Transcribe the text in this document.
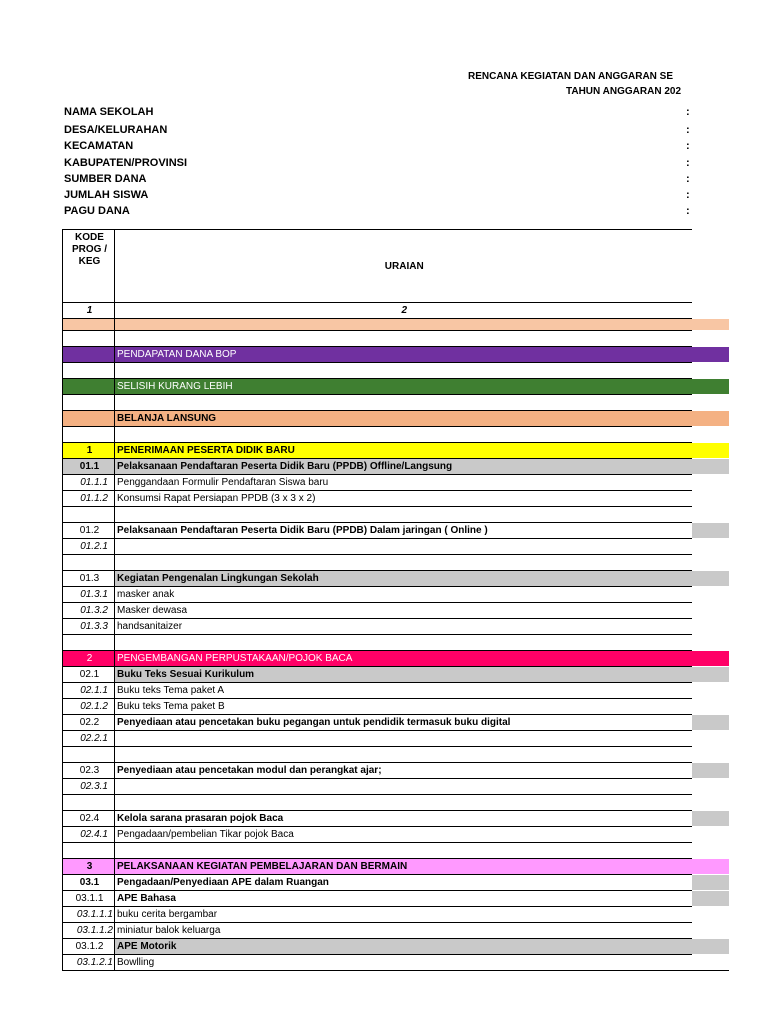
RENCANA KEGIATAN DAN ANGGARAN SE
TAHUN ANGGARAN 202
NAMA SEKOLAH	:
DESA/KELURAHAN	:
KECAMATAN	:
KABUPATEN/PROVINSI	:
SUMBER DANA	:
JUMLAH SISWA	:
PAGU DANA	:
KODE PROG / KEG	URAIAN	
1	2	

	PENDAPATAN DANA BOP	

	SELISIH KURANG LEBIH	

	BELANJA LANSUNG	

1	PENERIMAAN PESERTA DIDIK BARU	
01.1	Pelaksanaan Pendaftaran Peserta Didik Baru (PPDB) Offline/Langsung	
01.1.1	Penggandaan Formulir Pendaftaran Siswa baru	
01.1.2	Konsumsi Rapat Persiapan PPDB (3 x 3 x 2)	

01.2	Pelaksanaan Pendaftaran Peserta Didik Baru (PPDB) Dalam jaringan ( Online )	
01.2.1		

01.3	Kegiatan Pengenalan Lingkungan Sekolah	
01.3.1	masker anak	
01.3.2	Masker dewasa	
01.3.3	handsanitaizer	

2	PENGEMBANGAN PERPUSTAKAAN/POJOK BACA	
02.1	Buku Teks Sesuai Kurikulum	
02.1.1	Buku teks Tema paket A	
02.1.2	Buku teks Tema paket B	
02.2	Penyediaan atau pencetakan buku pegangan untuk pendidik termasuk buku digital	
02.2.1		

02.3	Penyediaan atau pencetakan modul dan perangkat ajar;	
02.3.1		

02.4	Kelola sarana prasaran pojok Baca	
02.4.1	Pengadaan/pembelian Tikar pojok Baca	

3	PELAKSANAAN KEGIATAN PEMBELAJARAN DAN BERMAIN	
03.1	Pengadaan/Penyediaan APE dalam Ruangan	
03.1.1	APE Bahasa	
03.1.1.1	buku cerita bergambar	
03.1.1.2	miniatur balok keluarga	
03.1.2	APE Motorik	
03.1.2.1	Bowlling	
